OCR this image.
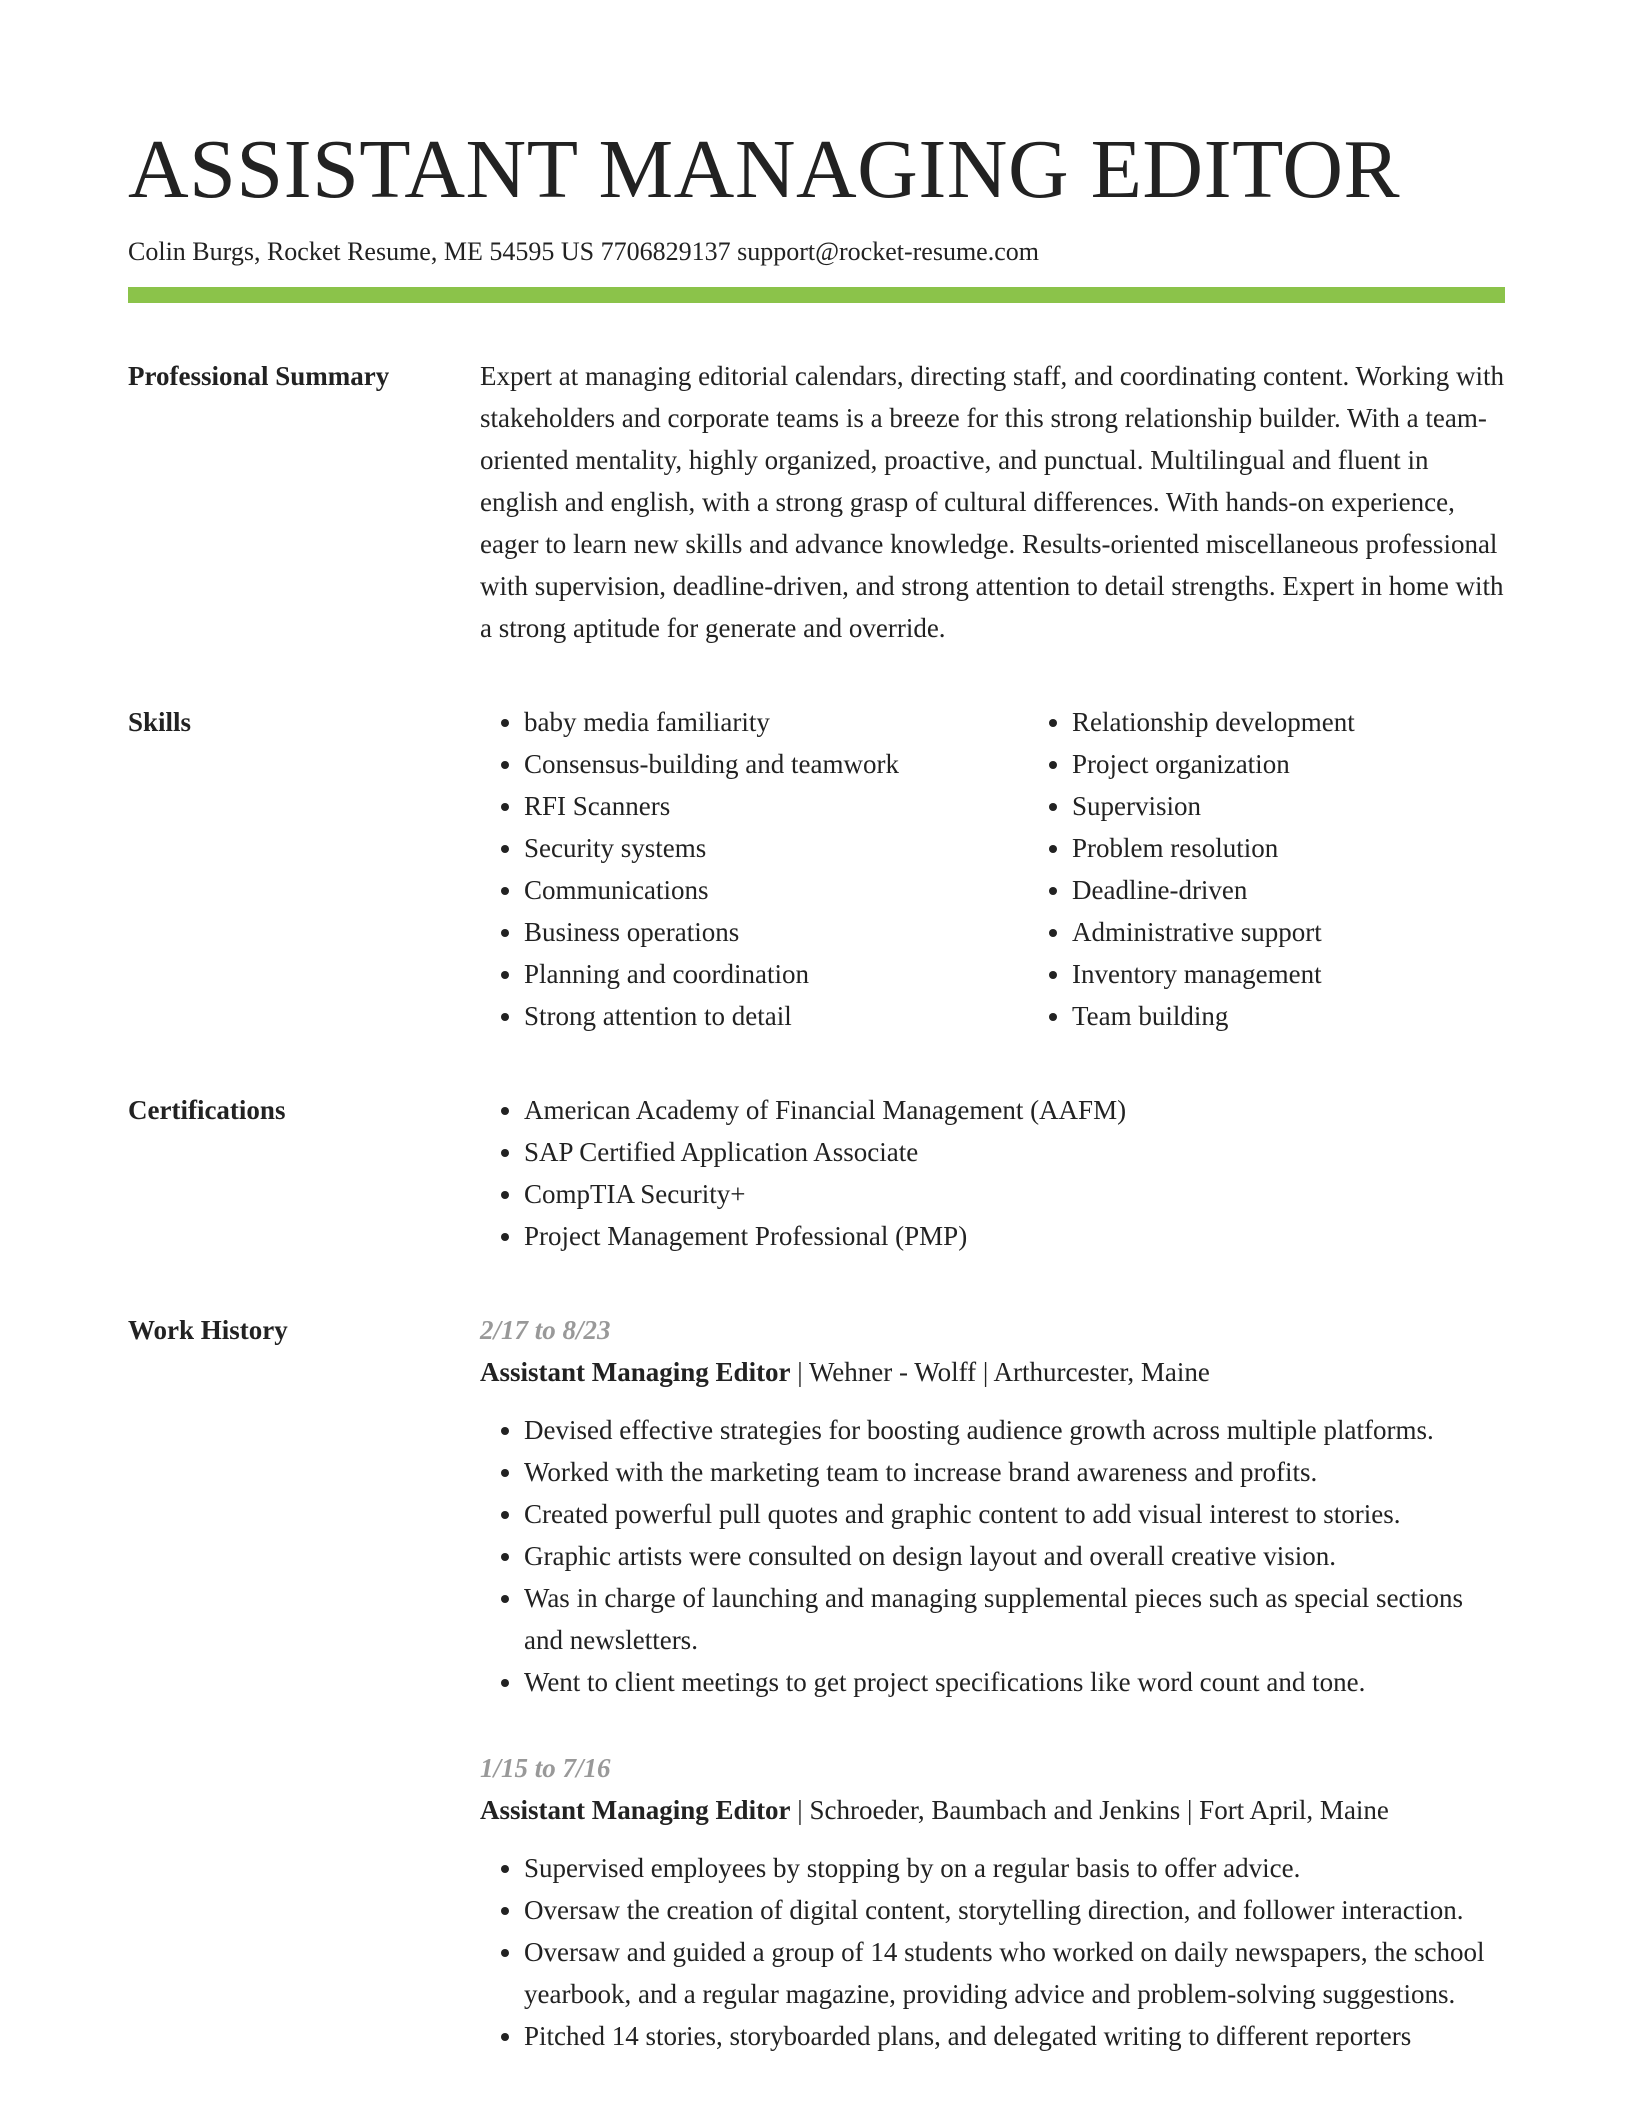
ASSISTANT MANAGING EDITOR
Colin Burgs, Rocket Resume, ME 54595 US 7706829137 support@rocket-resume.com
Professional Summary	Expert at managing editorial calendars, directing staff, and coordinating content. Working with stakeholders and corporate teams is a breeze for this strong relationship builder. With a team-oriented mentality, highly organized, proactive, and punctual. Multilingual and fluent in english and english, with a strong grasp of cultural differences. With hands-on experience, eager to learn new skills and advance knowledge. Results-oriented miscellaneous professional with supervision, deadline-driven, and strong attention to detail strengths. Expert in home with a strong aptitude for generate and override.

Skills	• baby media familiarity
• Consensus-building and teamwork
• RFI Scanners
• Security systems
• Communications
• Business operations
• Planning and coordination
• Strong attention to detail
• Relationship development
• Project organization
• Supervision
• Problem resolution
• Deadline-driven
• Administrative support
• Inventory management
• Team building
Certifications	• American Academy of Financial Management (AAFM)
• SAP Certified Application Associate
• CompTIA Security+
• Project Management Professional (PMP)
Work History	2/17 to 8/23
Assistant Managing Editor | Wehner - Wolff | Arthurcester, Maine
• Devised effective strategies for boosting audience growth across multiple platforms.
• Worked with the marketing team to increase brand awareness and profits.
• Created powerful pull quotes and graphic content to add visual interest to stories.
• Graphic artists were consulted on design layout and overall creative vision.
• Was in charge of launching and managing supplemental pieces such as special sections and newsletters.
• Went to client meetings to get project specifications like word count and tone.
1/15 to 7/16
Assistant Managing Editor | Schroeder, Baumbach and Jenkins | Fort April, Maine
• Supervised employees by stopping by on a regular basis to offer advice.
• Oversaw the creation of digital content, storytelling direction, and follower interaction.
• Oversaw and guided a group of 14 students who worked on daily newspapers, the school yearbook, and a regular magazine, providing advice and problem-solving suggestions.
• Pitched 14 stories, storyboarded plans, and delegated writing to different reporters
